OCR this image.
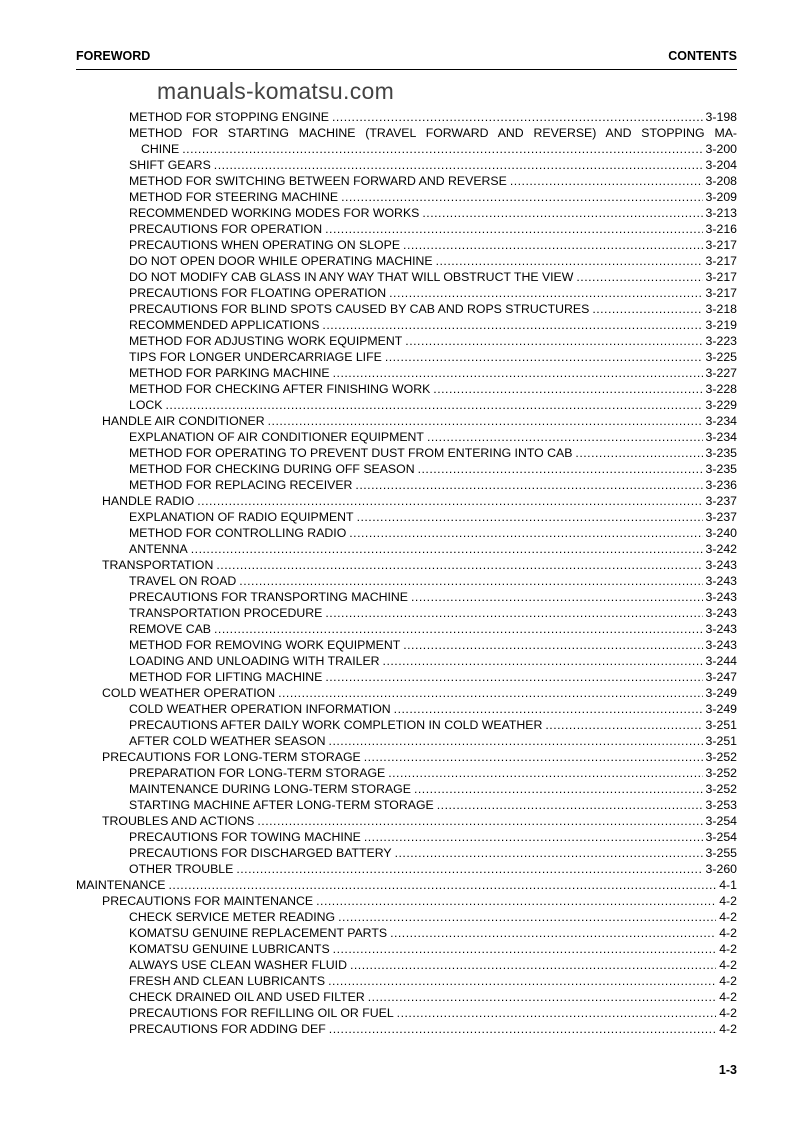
FOREWORD	CONTENTS
manuals-komatsu.com
METHOD FOR STOPPING ENGINE .....	3-198
METHOD FOR STARTING MACHINE (TRAVEL FORWARD AND REVERSE) AND STOPPING MA-
CHINE .....	3-200
SHIFT GEARS .....	3-204
METHOD FOR SWITCHING BETWEEN FORWARD AND REVERSE .....	3-208
METHOD FOR STEERING MACHINE .....	3-209
RECOMMENDED WORKING MODES FOR WORKS .....	3-213
PRECAUTIONS FOR OPERATION .....	3-216
PRECAUTIONS WHEN OPERATING ON SLOPE .....	3-217
DO NOT OPEN DOOR WHILE OPERATING MACHINE .....	3-217
DO NOT MODIFY CAB GLASS IN ANY WAY THAT WILL OBSTRUCT THE VIEW .....	3-217
PRECAUTIONS FOR FLOATING OPERATION .....	3-217
PRECAUTIONS FOR BLIND SPOTS CAUSED BY CAB AND ROPS STRUCTURES .....	3-218
RECOMMENDED APPLICATIONS .....	3-219
METHOD FOR ADJUSTING WORK EQUIPMENT .....	3-223
TIPS FOR LONGER UNDERCARRIAGE LIFE .....	3-225
METHOD FOR PARKING MACHINE .....	3-227
METHOD FOR CHECKING AFTER FINISHING WORK .....	3-228
LOCK .....	3-229
HANDLE AIR CONDITIONER .....	3-234
EXPLANATION OF AIR CONDITIONER EQUIPMENT .....	3-234
METHOD FOR OPERATING TO PREVENT DUST FROM ENTERING INTO CAB .....	3-235
METHOD FOR CHECKING DURING OFF SEASON .....	3-235
METHOD FOR REPLACING RECEIVER .....	3-236
HANDLE RADIO .....	3-237
EXPLANATION OF RADIO EQUIPMENT .....	3-237
METHOD FOR CONTROLLING RADIO .....	3-240
ANTENNA .....	3-242
TRANSPORTATION .....	3-243
TRAVEL ON ROAD .....	3-243
PRECAUTIONS FOR TRANSPORTING MACHINE .....	3-243
TRANSPORTATION PROCEDURE .....	3-243
REMOVE CAB .....	3-243
METHOD FOR REMOVING WORK EQUIPMENT .....	3-243
LOADING AND UNLOADING WITH TRAILER .....	3-244
METHOD FOR LIFTING MACHINE .....	3-247
COLD WEATHER OPERATION .....	3-249
COLD WEATHER OPERATION INFORMATION .....	3-249
PRECAUTIONS AFTER DAILY WORK COMPLETION IN COLD WEATHER .....	3-251
AFTER COLD WEATHER SEASON .....	3-251
PRECAUTIONS FOR LONG-TERM STORAGE .....	3-252
PREPARATION FOR LONG-TERM STORAGE .....	3-252
MAINTENANCE DURING LONG-TERM STORAGE .....	3-252
STARTING MACHINE AFTER LONG-TERM STORAGE .....	3-253
TROUBLES AND ACTIONS .....	3-254
PRECAUTIONS FOR TOWING MACHINE .....	3-254
PRECAUTIONS FOR DISCHARGED BATTERY .....	3-255
OTHER TROUBLE .....	3-260
MAINTENANCE .....	4-1
PRECAUTIONS FOR MAINTENANCE .....	4-2
CHECK SERVICE METER READING .....	4-2
KOMATSU GENUINE REPLACEMENT PARTS .....	4-2
KOMATSU GENUINE LUBRICANTS .....	4-2
ALWAYS USE CLEAN WASHER FLUID .....	4-2
FRESH AND CLEAN LUBRICANTS .....	4-2
CHECK DRAINED OIL AND USED FILTER .....	4-2
PRECAUTIONS FOR REFILLING OIL OR FUEL .....	4-2
PRECAUTIONS FOR ADDING DEF .....	4-2
1-3
